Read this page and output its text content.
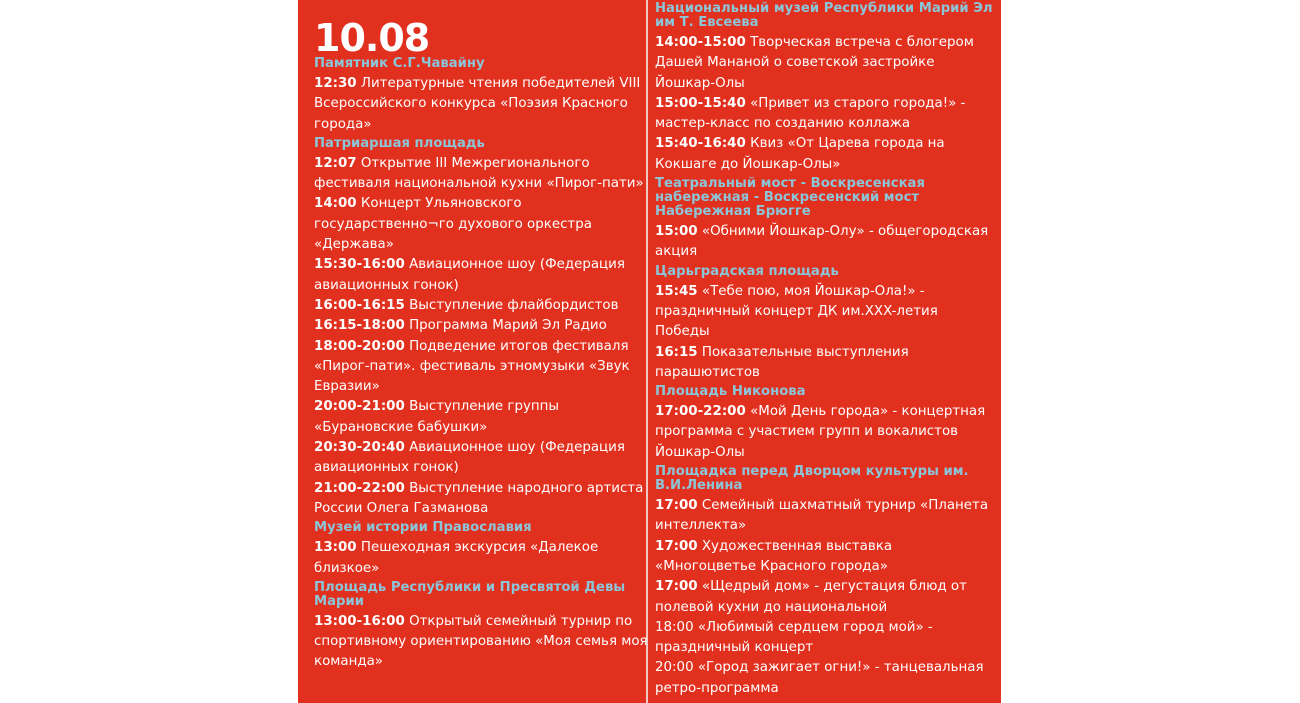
10.08
Памятник С.Г.Чавайну
12:30 Литературные чтения победителей VIII Всероссийского конкурса «Поэзия Красного города»
Патриаршая площадь
12:07 Открытие III Межрегионального фестиваля национальной кухни «Пирог-пати»
14:00 Концерт Ульяновского государственно¬го духового оркестра «Держава»
15:30-16:00 Авиационное шоу (Федерация авиационных гонок)
16:00-16:15 Выступление флайбордистов
16:15-18:00 Программа Марий Эл Радио
18:00-20:00 Подведение итогов фестиваля «Пирог-пати». фестиваль этномузыки «Звук Евразии»
20:00-21:00 Выступление группы «Бурановские бабушки»
20:30-20:40 Авиационное шоу (Федерация авиационных гонок)
21:00-22:00 Выступление народного артиста России Олега Газманова
Музей истории Православия
13:00 Пешеходная экскурсия «Далекое близкое»
Площадь Республики и Пресвятой Девы Марии
13:00-16:00 Открытый семейный турнир по спортивному ориентированию «Моя семья моя команда»
Национальный музей Республики Марий Эл им Т. Евсеева
14:00-15:00 Творческая встреча с блогером Дашей Мананой о советской застройке Йошкар-Олы
15:00-15:40 «Привет из старого города!» - мастер-класс по созданию коллажа
15:40-16:40 Квиз «От Царева города на Кокшаге до Йошкар-Олы»
Театральный мост - Воскресенская набережная - Воскресенский мост Набережная Брюгге
15:00 «Обними Йошкар-Олу» - общегородская акция
Царьградская площадь
15:45 «Тебе пою, моя Йошкар-Ола!» - праздничный концерт ДК им.XXX-летия Победы
16:15 Показательные выступления парашютистов
Площадь Никонова
17:00-22:00 «Мой День города» - концертная программа с участием групп и вокалистов Йошкар-Олы
Площадка перед Дворцом культуры им. В.И.Ленина
17:00 Семейный шахматный турнир «Планета интеллекта»
17:00 Художественная выставка «Многоцветье Красного города»
17:00 «Щедрый дом» - дегустация блюд от полевой кухни до национальной
18:00 «Любимый сердцем город мой» - праздничный концерт
20:00 «Город зажигает огни!» - танцевальная ретро-программа
